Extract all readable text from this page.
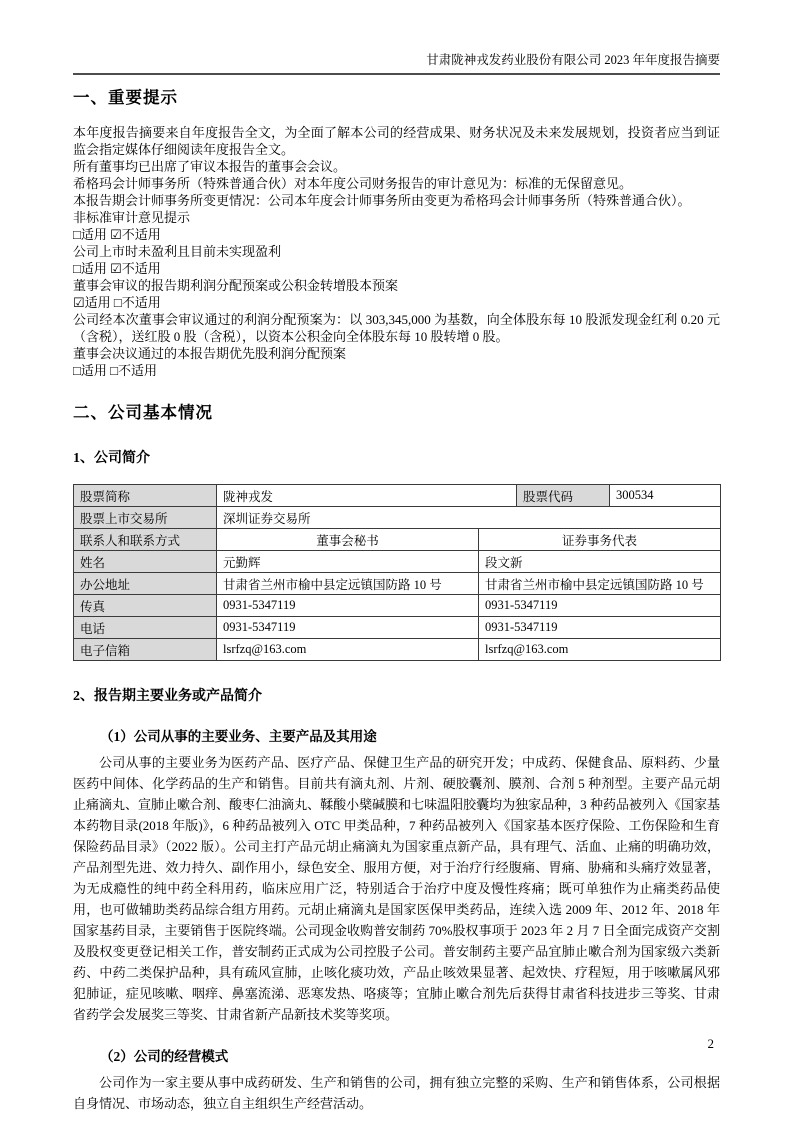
甘肃陇神戎发药业股份有限公司 2023 年年度报告摘要
一、重要提示

本年度报告摘要来自年度报告全文，为全面了解本公司的经营成果、财务状况及未来发展规划，投资者应当到证监会指定媒体仔细阅读年度报告全文。

所有董事均已出席了审议本报告的董事会会议。

希格玛会计师事务所（特殊普通合伙）对本年度公司财务报告的审计意见为：标准的无保留意见。

本报告期会计师事务所变更情况：公司本年度会计师事务所由变更为希格玛会计师事务所（特殊普通合伙）。

非标准审计意见提示

□适用 ☑不适用

公司上市时未盈利且目前未实现盈利

□适用 ☑不适用

董事会审议的报告期利润分配预案或公积金转增股本预案

☑适用 □不适用

公司经本次董事会审议通过的利润分配预案为：以 303,345,000 为基数，向全体股东每 10 股派发现金红利 0.20 元（含税），送红股 0 股（含税），以资本公积金向全体股东每 10 股转增 0 股。

董事会决议通过的本报告期优先股利润分配预案

□适用 □不适用

二、公司基本情况
1、公司简介
股票简称	陇神戎发		股票代码	300534
股票上市交易所	深圳证券交易所			
联系人和联系方式	董事会秘书	证券事务代表		
姓名	元勤辉	段文新		
办公地址	甘肃省兰州市榆中县定远镇国防路 10 号	甘肃省兰州市榆中县定远镇国防路 10 号		
传真	0931-5347119	0931-5347119		
电话	0931-5347119	0931-5347119		
电子信箱	lsrfzq@163.com	lsrfzq@163.com		
2、报告期主要业务或产品简介
（1）公司从事的主要业务、主要产品及其用途

公司从事的主要业务为医药产品、医疗产品、保健卫生产品的研究开发；中成药、保健食品、原料药、少量医药中间体、化学药品的生产和销售。目前共有滴丸剂、片剂、硬胶囊剂、膜剂、合剂 5 种剂型。主要产品元胡止痛滴丸、宣肺止嗽合剂、酸枣仁油滴丸、鞣酸小檗碱膜和七味温阳胶囊均为独家品种，3 种药品被列入《国家基本药物目录(2018 年版)》，6 种药品被列入 OTC 甲类品种，7 种药品被列入《国家基本医疗保险、工伤保险和生育保险药品目录》（2022 版）。公司主打产品元胡止痛滴丸为国家重点新产品，具有理气、活血、止痛的明确功效，产品剂型先进、效力持久、副作用小，绿色安全、服用方便，对于治疗行经腹痛、胃痛、胁痛和头痛疗效显著，为无成瘾性的纯中药全科用药，临床应用广泛，特别适合于治疗中度及慢性疼痛；既可单独作为止痛类药品使用，也可做辅助类药品综合组方用药。元胡止痛滴丸是国家医保甲类药品，连续入选 2009 年、2012 年、2018 年国家基药目录，主要销售于医院终端。公司现金收购普安制药 70%股权事项于 2023 年 2 月 7 日全面完成资产交割及股权变更登记相关工作，普安制药正式成为公司控股子公司。普安制药主要产品宜肺止嗽合剂为国家级六类新药、中药二类保护品种，具有疏风宣肺，止咳化痰功效，产品止咳效果显著、起效快、疗程短，用于咳嗽属风邪犯肺证，症见咳嗽、咽痒、鼻塞流涕、恶寒发热、咯痰等；宜肺止嗽合剂先后获得甘肃省科技进步三等奖、甘肃省药学会发展奖三等奖、甘肃省新产品新技术奖等奖项。

（2）公司的经营模式

公司作为一家主要从事中成药研发、生产和销售的公司，拥有独立完整的采购、生产和销售体系，公司根据自身情况、市场动态，独立自主组织生产经营活动。

2
